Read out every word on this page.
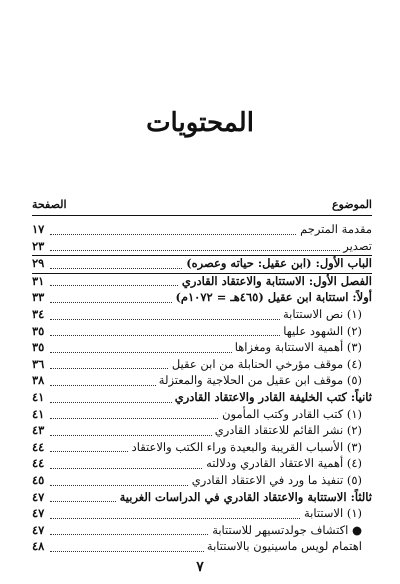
المحتويات
الموضوع
الصفحة
مقدمة المترجم
١٧
تصدير
٢٣
الباب الأول: (ابن عقيل: حياته وعصره)
٢٩
الفصل الأول: الاستتابة والاعتقاد القادري
٣١
أولاً: استتابة ابن عقيل (٤٦٥هـ = ١٠٧٢م)
٣٣
(١) نص الاستتابة
٣٤
(٢) الشهود عليها
٣٥
(٣) أهمية الاستتابة ومغزاها
٣٥
(٤) موقف مؤرخي الحنابلة من ابن عقيل
٣٦
(٥) موقف ابن عقيل من الحلاجية والمعتزلة
٣٨
ثانياً: كتب الخليفة القادر والاعتقاد القادري
٤١
(١) كتب القادر وكتب المأمون
٤١
(٢) نشر القائم للاعتقاد القادري
٤٣
(٣) الأسباب القريبة والبعيدة وراء الكتب والاعتقاد
٤٤
(٤) أهمية الاعتقاد القادري ودلالته
٤٤
(٥) تنفيذ ما ورد في الاعتقاد القادري
٤٥
ثالثاً: الاستتابة والاعتقاد القادري في الدراسات الغربية
٤٧
(١) الاستتابة
٤٧
● اكتشاف جولدتسيهر للاستتابة
٤٧
اهتمام لويس ماسينيون بالاستتابة
٤٨
٧
